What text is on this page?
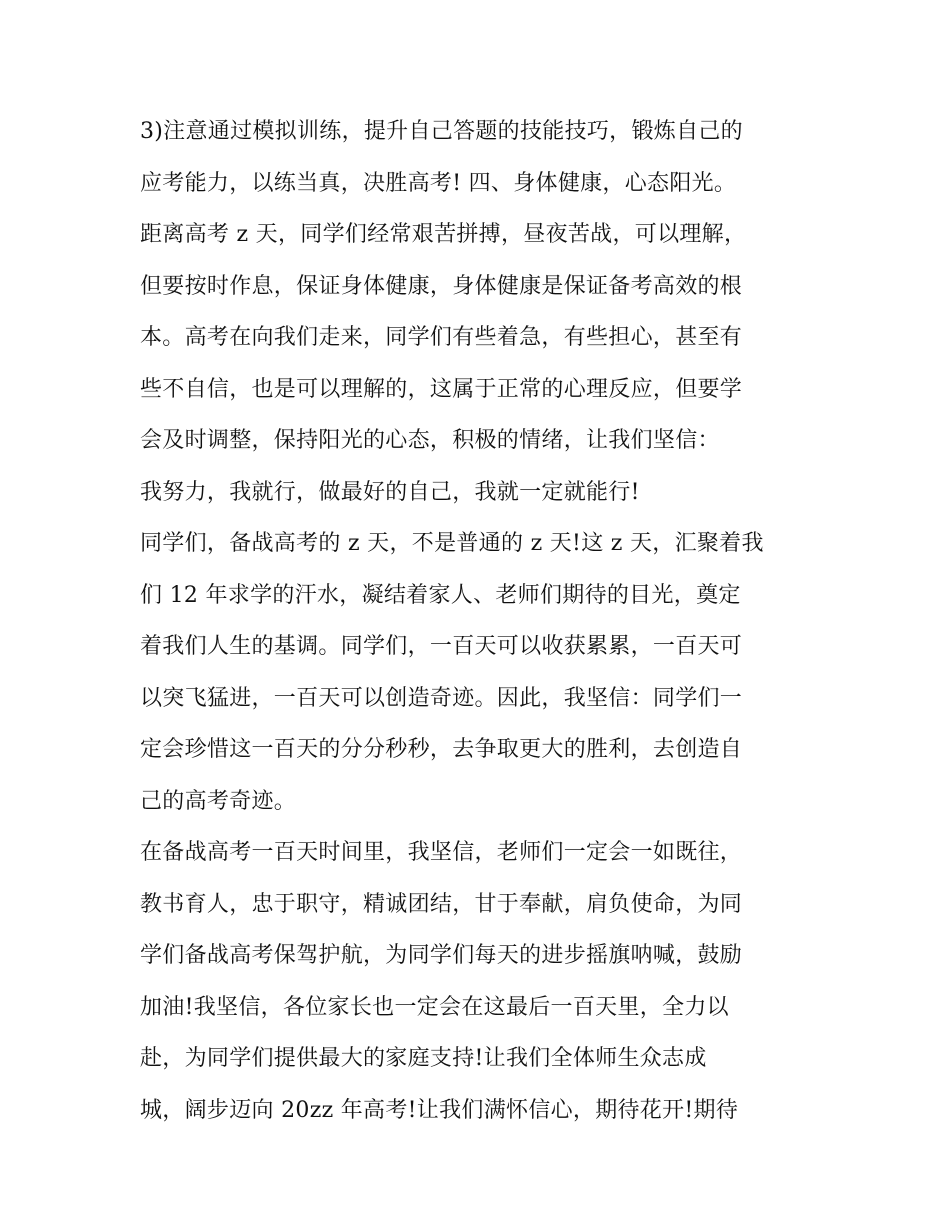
3)注意通过模拟训练，提升自己答题的技能技巧，锻炼自己的
应考能力，以练当真，决胜高考! 四、身体健康，心态阳光。
距离高考 z 天，同学们经常艰苦拼搏，昼夜苦战，可以理解，
但要按时作息，保证身体健康，身体健康是保证备考高效的根
本。高考在向我们走来，同学们有些着急，有些担心，甚至有
些不自信，也是可以理解的，这属于正常的心理反应，但要学
会及时调整，保持阳光的心态，积极的情绪，让我们坚信：
我努力，我就行，做最好的自己，我就一定就能行!
同学们，备战高考的 z 天，不是普通的 z 天!这 z 天，汇聚着我
们 12 年求学的汗水，凝结着家人、老师们期待的目光，奠定
着我们人生的基调。同学们，一百天可以收获累累，一百天可
以突飞猛进，一百天可以创造奇迹。因此，我坚信：同学们一
定会珍惜这一百天的分分秒秒，去争取更大的胜利，去创造自
己的高考奇迹。
在备战高考一百天时间里，我坚信，老师们一定会一如既往，
教书育人，忠于职守，精诚团结，甘于奉献，肩负使命，为同
学们备战高考保驾护航，为同学们每天的进步摇旗呐喊，鼓励
加油!我坚信，各位家长也一定会在这最后一百天里，全力以
赴，为同学们提供最大的家庭支持!让我们全体师生众志成
城，阔步迈向 20zz 年高考!让我们满怀信心，期待花开!期待
